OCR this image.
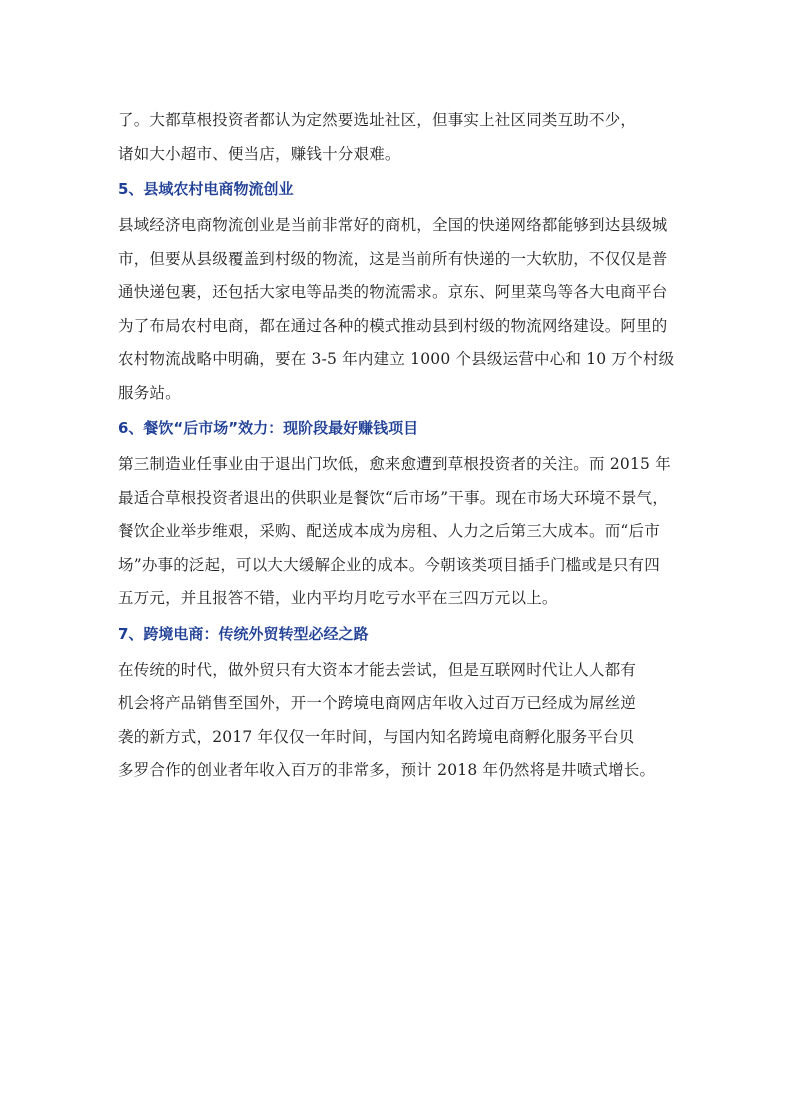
了。大都草根投资者都认为定然要选址社区，但事实上社区同类互助不少，
诸如大小超市、便当店，赚钱十分艰难。

5、县域农村电商物流创业

县域经济电商物流创业是当前非常好的商机，全国的快递网络都能够到达县级城
市，但要从县级覆盖到村级的物流，这是当前所有快递的一大软肋，不仅仅是普
通快递包裹，还包括大家电等品类的物流需求。京东、阿里菜鸟等各大电商平台
为了布局农村电商，都在通过各种的模式推动县到村级的物流网络建设。阿里的
农村物流战略中明确，要在 3-5 年内建立 1000 个县级运营中心和 10 万个村级
服务站。

6、餐饮“后市场”效力：现阶段最好赚钱项目

第三制造业任事业由于退出门坎低，愈来愈遭到草根投资者的关注。而 2015 年
最适合草根投资者退出的供职业是餐饮“后市场”干事。现在市场大环境不景气，
餐饮企业举步维艰，采购、配送成本成为房租、人力之后第三大成本。而“后市
场”办事的泛起，可以大大缓解企业的成本。今朝该类项目插手门槛或是只有四
五万元，并且报答不错，业内平均月吃亏水平在三四万元以上。

7、跨境电商：传统外贸转型必经之路

在传统的时代，做外贸只有大资本才能去尝试，但是互联网时代让人人都有
机会将产品销售至国外，开一个跨境电商网店年收入过百万已经成为屌丝逆
袭的新方式，2017 年仅仅一年时间，与国内知名跨境电商孵化服务平台贝
多罗合作的创业者年收入百万的非常多，预计 2018 年仍然将是井喷式增长。
